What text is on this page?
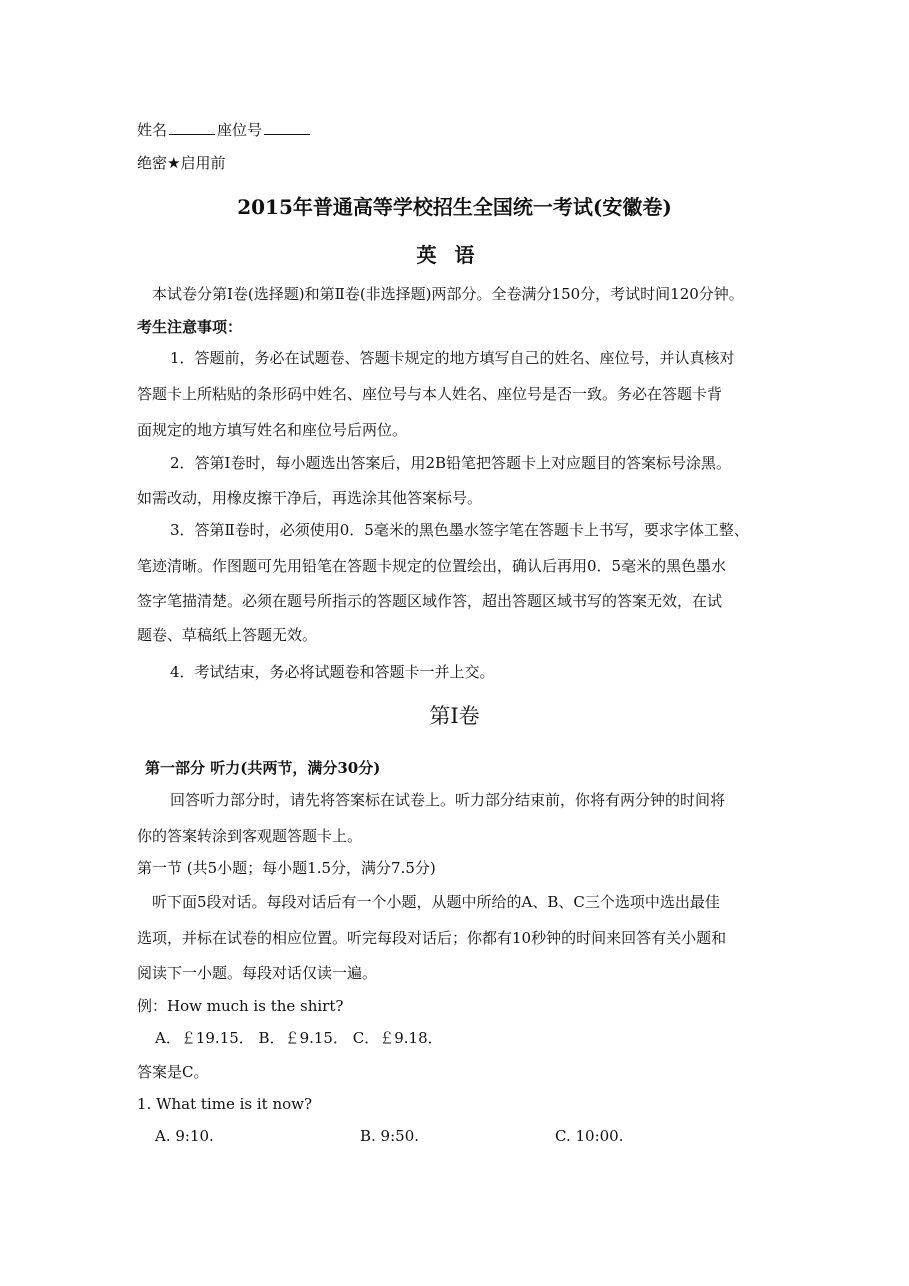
姓名	座位号
绝密★启用前
2015年普通高等学校招生全国统一考试(安徽卷)
英语
本试卷分第Ⅰ卷(选择题)和第Ⅱ卷(非选择题)两部分。全卷满分150分，考试时间120分钟。
考生注意事项：
1．答题前，务必在试题卷、答题卡规定的地方填写自己的姓名、座位号，并认真核对
答题卡上所粘贴的条形码中姓名、座位号与本人姓名、座位号是否一致。务必在答题卡背
面规定的地方填写姓名和座位号后两位。
2．答第Ⅰ卷时，每小题选出答案后，用2B铅笔把答题卡上对应题目的答案标号涂黑。
如需改动，用橡皮擦干净后，再选涂其他答案标号。
3．答第Ⅱ卷时，必须使用0．5毫米的黑色墨水签字笔在答题卡上书写，要求字体工整、
笔迹清晰。作图题可先用铅笔在答题卡规定的位置绘出，确认后再用0．5毫米的黑色墨水
签字笔描清楚。必须在题号所指示的答题区域作答，超出答题区域书写的答案无效，在试
题卷、草稿纸上答题无效。
4．考试结束，务必将试题卷和答题卡一并上交。
第Ⅰ卷
第一部分 听力(共两节，满分30分)
回答听力部分时，请先将答案标在试卷上。听力部分结束前，你将有两分钟的时间将
你的答案转涂到客观题答题卡上。
第一节 (共5小题；每小题1.5分，满分7.5分)
听下面5段对话。每段对话后有一个小题，从题中所给的A、B、C三个选项中选出最佳
选项，并标在试卷的相应位置。听完每段对话后；你都有10秒钟的时间来回答有关小题和
阅读下一小题。每段对话仅读一遍。
例：How much is the shirt?
A．￡19.15． B．￡9.15． C．￡9.18．
答案是C。
1. What time is it now?
A. 9:10.	B. 9:50.	C. 10:00.
